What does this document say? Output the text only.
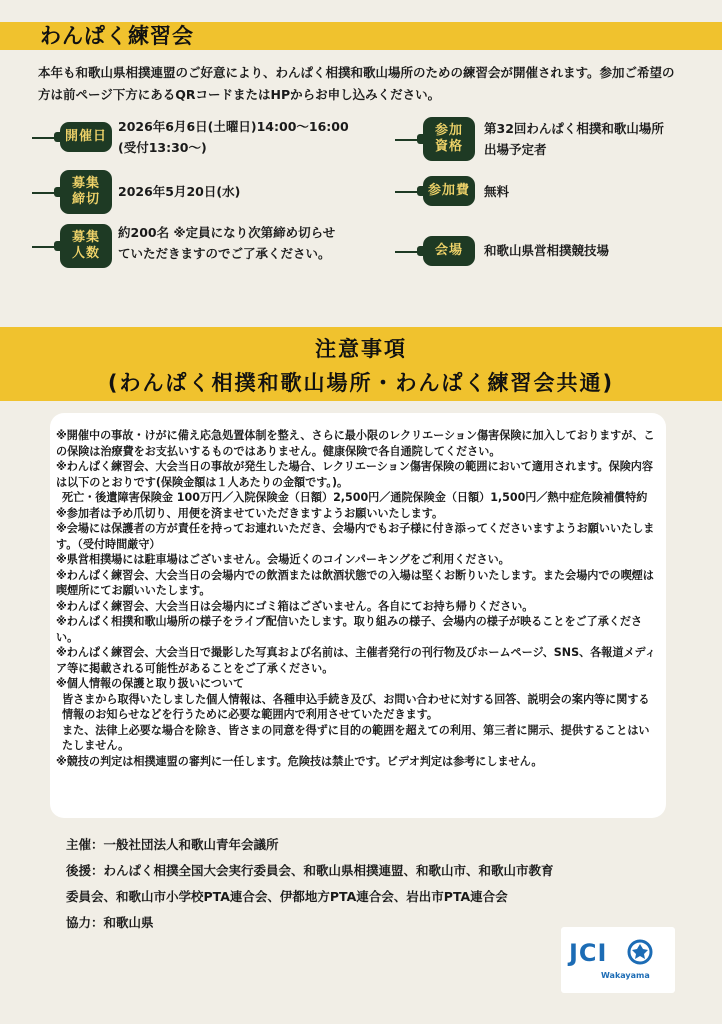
わんぱく練習会
本年も和歌山県相撲連盟のご好意により、わんぱく相撲和歌山場所のための練習会が開催されます。参加ご希望の方は前ページ下方にあるQRコードまたはHPからお申し込みください。
開催日
2026年6月6日(土曜日)14:00～16:00
(受付13:30～)
募集
締切
2026年5月20日(水)
募集
人数
約200名 ※定員になり次第締め切らせ
ていただきますのでご了承ください。
参加
資格
第32回わんぱく相撲和歌山場所
出場予定者
参加費 無料
会場 和歌山県営相撲競技場
注意事項
(わんぱく相撲和歌山場所・わんぱく練習会共通)

※開催中の事故・けがに備え応急処置体制を整え、さらに最小限のレクリエーション傷害保険に加入しておりますが、この保険は治療費をお支払いするものではありません。健康保険で各自通院してください。

※わんぱく練習会、大会当日の事故が発生した場合、レクリエーション傷害保険の範囲において適用されます。保険内容は以下のとおりです(保険金額は１人あたりの金額です。)。

死亡・後遺障害保険金 100万円／入院保険金（日額）2,500円／通院保険金（日額）1,500円／熱中症危険補償特約

※参加者は予め爪切り、用便を済ませていただきますようお願いいたします。

※会場には保護者の方が責任を持ってお連れいただき、会場内でもお子様に付き添ってくださいますようお願いいたします。（受付時間厳守）

※県営相撲場には駐車場はございません。会場近くのコインパーキングをご利用ください。

※わんぱく練習会、大会当日の会場内での飲酒または飲酒状態での入場は堅くお断りいたします。また会場内での喫煙は喫煙所にてお願いいたします。

※わんぱく練習会、大会当日は会場内にゴミ箱はございません。各自にてお持ち帰りください。

※わんぱく相撲和歌山場所の様子をライブ配信いたします。取り組みの様子、会場内の様子が映ることをご了承ください。

※わんぱく練習会、大会当日で撮影した写真および名前は、主催者発行の刊行物及びホームページ、SNS、各報道メディア等に掲載される可能性があることをご了承ください。

※個人情報の保護と取り扱いについて

皆さまから取得いたしました個人情報は、各種申込手続き及び、お問い合わせに対する回答、説明会の案内等に関する情報のお知らせなどを行うために必要な範囲内で利用させていただきます。

また、法律上必要な場合を除き、皆さまの同意を得ずに目的の範囲を超えての利用、第三者に開示、提供することはいたしません。

※競技の判定は相撲連盟の審判に一任します。危険技は禁止です。ビデオ判定は参考にしません。

主催：一般社団法人和歌山青年会議所
後援：わんぱく相撲全国大会実行委員会、和歌山県相撲連盟、和歌山市、和歌山市教育
委員会、和歌山市小学校PTA連合会、伊都地方PTA連合会、岩出市PTA連合会
協力：和歌山県
JCI
Wakayama
